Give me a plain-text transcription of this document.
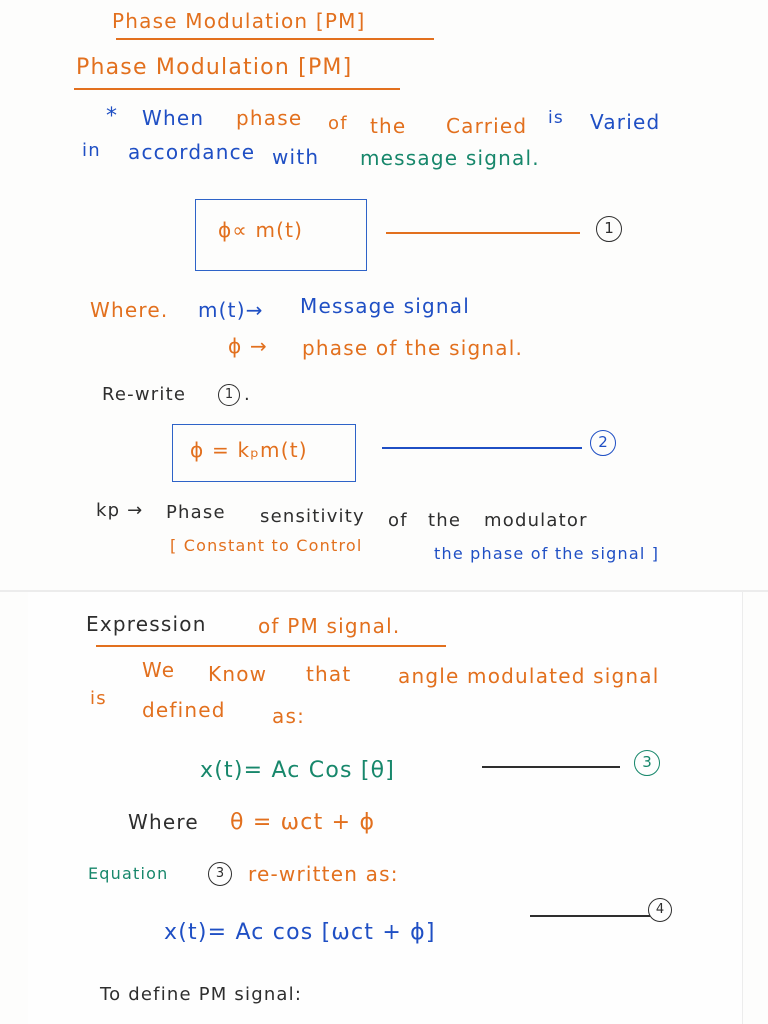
Phase Modulation [PM]
Phase Modulation [PM]
* When phase of the Carried is Varied
in accordance with message signal.
ϕ∝ m(t)	1
Where. m(t)→ Message signal
ϕ → phase of the signal.
Re-write	1 .
ϕ = kₚm(t)	2
kp → Phase sensitivity of the modulator
[ Constant to Control	the phase of the signal ]
Expression	of PM signal.
We Know that angle modulated signal
is defined as:
x(t)= Ac Cos [θ]	3
Where θ = ωct + ϕ
Equation	3	re-written as:
x(t)= Ac cos [ωct + ϕ]
4
To define PM signal:
